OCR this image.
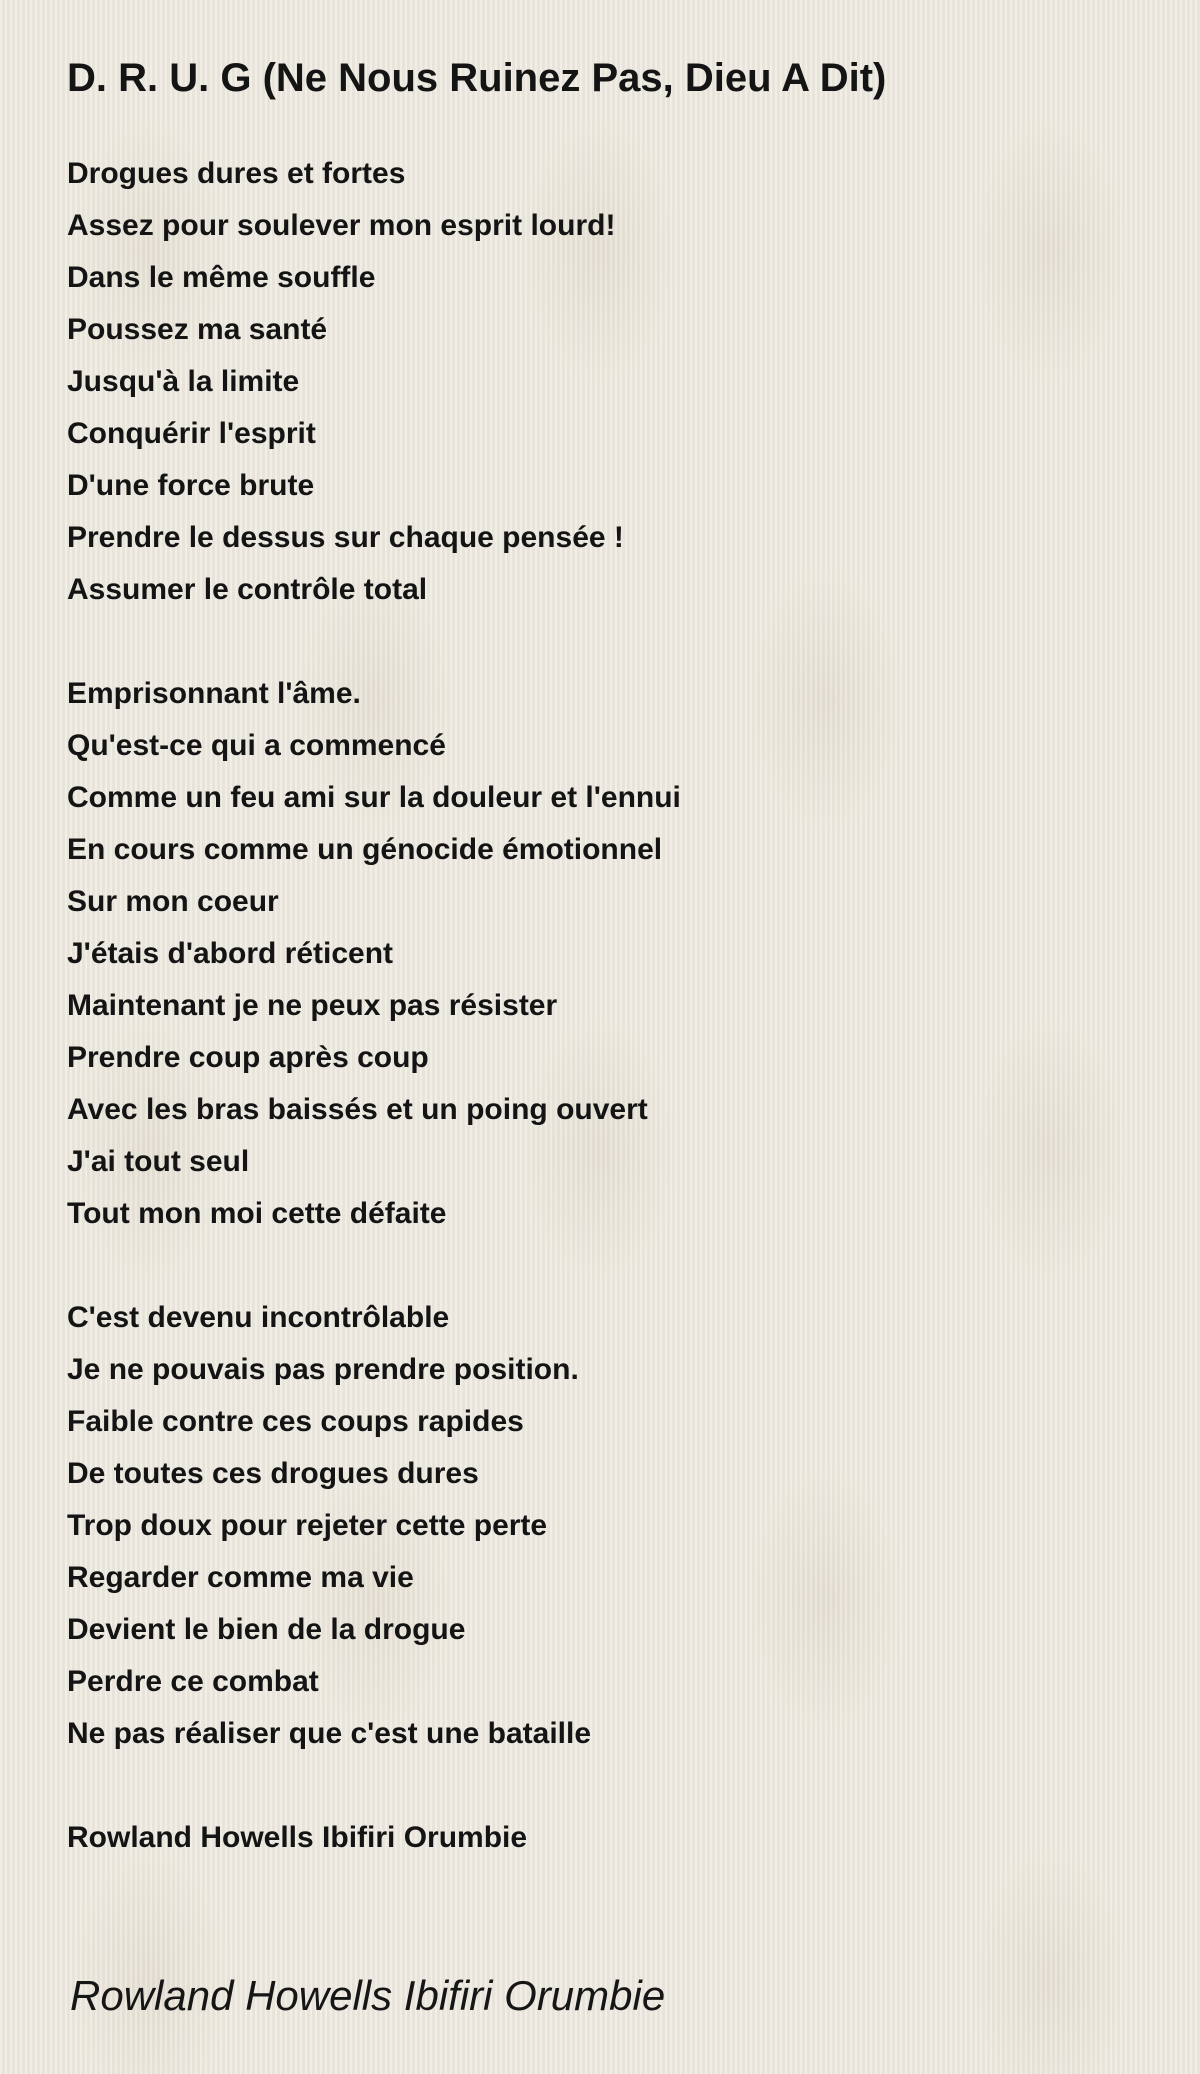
D. R. U. G (Ne Nous Ruinez Pas, Dieu A Dit)
Drogues dures et fortes
Assez pour soulever mon esprit lourd!
Dans le même souffle
Poussez ma santé
Jusqu'à la limite
Conquérir l'esprit
D'une force brute
Prendre le dessus sur chaque pensée !
Assumer le contrôle total
Emprisonnant l'âme.
Qu'est-ce qui a commencé
Comme un feu ami sur la douleur et l'ennui
En cours comme un génocide émotionnel
Sur mon coeur
J'étais d'abord réticent
Maintenant je ne peux pas résister
Prendre coup après coup
Avec les bras baissés et un poing ouvert
J'ai tout seul
Tout mon moi cette défaite
C'est devenu incontrôlable
Je ne pouvais pas prendre position.
Faible contre ces coups rapides
De toutes ces drogues dures
Trop doux pour rejeter cette perte
Regarder comme ma vie
Devient le bien de la drogue
Perdre ce combat
Ne pas réaliser que c'est une bataille
Rowland Howells Ibifiri Orumbie
Rowland Howells Ibifiri Orumbie
